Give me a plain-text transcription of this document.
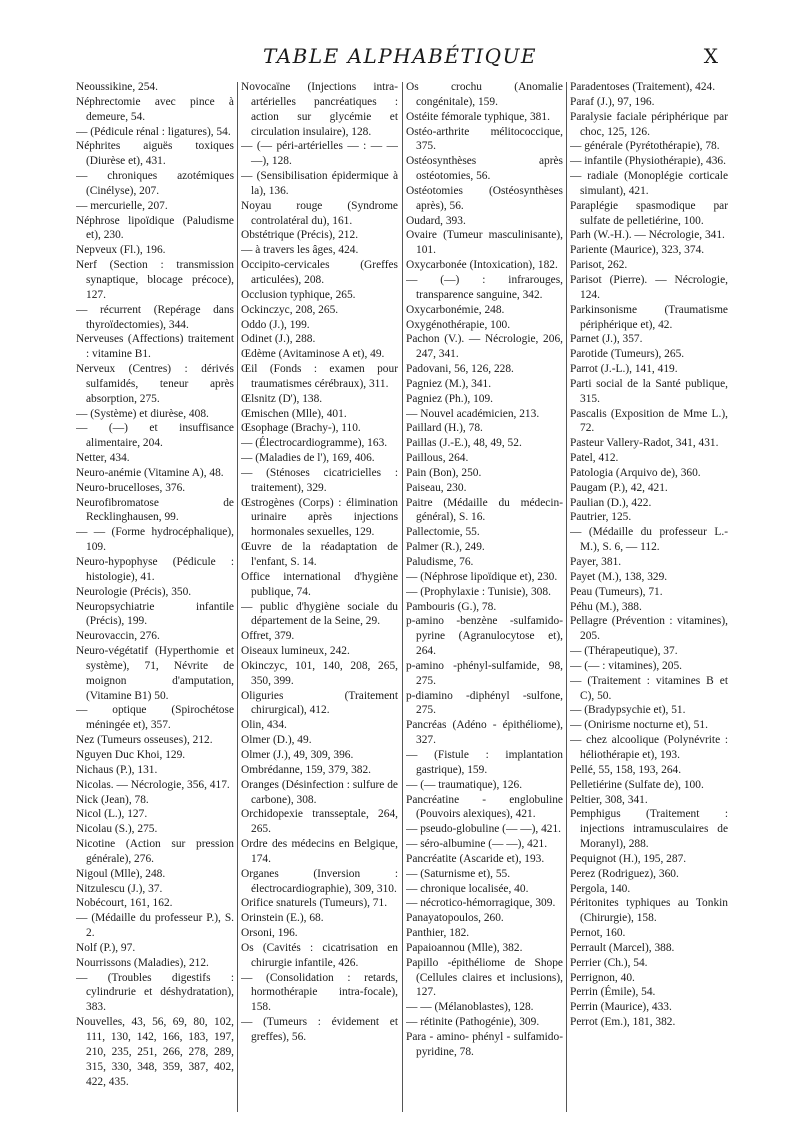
TABLE ALPHABÉTIQUE	X
Neoussikine, 254.
Néphrectomie avec pince à demeure, 54.
— (Pédicule rénal : ligatures), 54.
Néphrites aiguës toxiques (Diurèse et), 431.
— chroniques azotémiques (Cinélyse), 207.
— mercurielle, 207.
Néphrose lipoïdique (Paludisme et), 230.
Nepveux (Fl.), 196.
Nerf (Section : transmission synaptique, blocage précoce), 127.
— récurrent (Repérage dans thyroïdectomies), 344.
Nerveuses (Affections) traitement : vitamine B1.
Nerveux (Centres) : dérivés sulfamidés, teneur après absorption, 275.
— (Système) et diurèse, 408.
— (—) et insuffisance alimentaire, 204.
Netter, 434.
Neuro-anémie (Vitamine A), 48.
Neuro-brucelloses, 376.
Neurofibromatose de Recklinghausen, 99.
— — (Forme hydrocéphalique), 109.
Neuro-hypophyse (Pédicule : histologie), 41.
Neurologie (Précis), 350.
Neuropsychiatrie infantile (Précis), 199.
Neurovaccin, 276.
Neuro-végétatif (Hyperthomie et système), 71, Névrite de moignon d'amputation, (Vitamine B1) 50.
— optique (Spirochétose méningée et), 357.
Nez (Tumeurs osseuses), 212.
Nguyen Duc Khoi, 129.
Nichaus (P.), 131.
Nicolas. — Nécrologie, 356, 417.
Nick (Jean), 78.
Nicol (L.), 127.
Nicolau (S.), 275.
Nicotine (Action sur pression générale), 276.
Nigoul (Mlle), 248.
Nitzulescu (J.), 37.
Nobécourt, 161, 162.
— (Médaille du professeur P.), S. 2.
Nolf (P.), 97.
Nourrissons (Maladies), 212.
— (Troubles digestifs : cylindrurie et déshydratation), 383.
Nouvelles, 43, 56, 69, 80, 102, 111, 130, 142, 166, 183, 197, 210, 235, 251, 266, 278, 289, 315, 330, 348, 359, 387, 402, 422, 435.
Novocaïne (Injections intra-artérielles pancréatiques : action sur glycémie et circulation insulaire), 128.
— (— péri-artérielles — : — — —), 128.
— (Sensibilisation épidermique à la), 136.
Noyau rouge (Syndrome controlatéral du), 161.
Obstétrique (Précis), 212.
— à travers les âges, 424.
Occipito-cervicales (Greffes articulées), 208.
Occlusion typhique, 265.
Ockinczyc, 208, 265.
Oddo (J.), 199.
Odinet (J.), 288.
Œdème (Avitaminose A et), 49.
Œil (Fonds : examen pour traumatismes cérébraux), 311.
Œlsnitz (D'), 138.
Œmischen (Mlle), 401.
Œsophage (Brachy-), 110.
— (Électrocardiogramme), 163.
— (Maladies de l'), 169, 406.
— (Sténoses cicatricielles : traitement), 329.
Œstrogènes (Corps) : élimination urinaire après injections hormonales sexuelles, 129.
Œuvre de la réadaptation de l'enfant, S. 14.
Office international d'hygiène publique, 74.
— public d'hygiène sociale du département de la Seine, 29.
Offret, 379.
Oiseaux lumineux, 242.
Okinczyc, 101, 140, 208, 265, 350, 399.
Oliguries (Traitement chirurgical), 412.
Olin, 434.
Olmer (D.), 49.
Olmer (J.), 49, 309, 396.
Ombrédanne, 159, 379, 382.
Oranges (Désinfection : sulfure de carbone), 308.
Orchidopexie transseptale, 264, 265.
Ordre des médecins en Belgique, 174.
Organes (Inversion : électrocardiographie), 309, 310.
Orifice snaturels (Tumeurs), 71.
Orinstein (E.), 68.
Orsoni, 196.
Os (Cavités : cicatrisation en chirurgie infantile, 426.
— (Consolidation : retards, hormothérapie intra-focale), 158.
— (Tumeurs : évidement et greffes), 56.
Os crochu (Anomalie congénitale), 159.
Ostéite fémorale typhique, 381.
Ostéo-arthrite mélitococcique, 375.
Ostéosynthèses après ostéotomies, 56.
Ostéotomies (Ostéosynthèses après), 56.
Oudard, 393.
Ovaire (Tumeur masculinisante), 101.
Oxycarbonée (Intoxication), 182.
— (—) : infrarouges, transparence sanguine, 342.
Oxycarbonémie, 248.
Oxygénothérapie, 100.
Pachon (V.). — Nécrologie, 206, 247, 341.
Padovani, 56, 126, 228.
Pagniez (M.), 341.
Pagniez (Ph.), 109.
— Nouvel académicien, 213.
Paillard (H.), 78.
Paillas (J.-E.), 48, 49, 52.
Paillous, 264.
Pain (Bon), 250.
Paiseau, 230.
Paitre (Médaille du médecin-général), S. 16.
Pallectomie, 55.
Palmer (R.), 249.
Paludisme, 76.
— (Néphrose lipoïdique et), 230.
— (Prophylaxie : Tunisie), 308.
Pambouris (G.), 78.
p-amino -benzène -sulfamido-pyrine (Agranulocytose et), 264.
p-amino -phényl-sulfamide, 98, 275.
p-diamino -diphényl -sulfone, 275.
Pancréas (Adéno - épithéliome), 327.
— (Fistule : implantation gastrique), 159.
— (— traumatique), 126.
Pancréatine - englobuline (Pouvoirs alexiques), 421.
— pseudo-globuline (— —), 421.
— séro-albumine (— —), 421.
Pancréatite (Ascaride et), 193.
— (Saturnisme et), 55.
— chronique localisée, 40.
— nécrotico-hémorragique, 309.
Panayatopoulos, 260.
Panthier, 182.
Papaioannou (Mlle), 382.
Papillo -épithéliome de Shope (Cellules claires et inclusions), 127.
— — (Mélanoblastes), 128.
— rétinite (Pathogénie), 309.
Para - amino- phényl - sulfamido-pyridine, 78.
Paradentoses (Traitement), 424.
Paraf (J.), 97, 196.
Paralysie faciale périphérique par choc, 125, 126.
— générale (Pyrétothérapie), 78.
— infantile (Physiothérapie), 436.
— radiale (Monoplégie corticale simulant), 421.
Paraplégie spasmodique par sulfate de pelletiérine, 100.
Parh (W.-H.). — Nécrologie, 341.
Pariente (Maurice), 323, 374.
Parisot, 262.
Parisot (Pierre). — Nécrologie, 124.
Parkinsonisme (Traumatisme périphérique et), 42.
Parnet (J.), 357.
Parotide (Tumeurs), 265.
Parrot (J.-L.), 141, 419.
Parti social de la Santé publique, 315.
Pascalis (Exposition de Mme L.), 72.
Pasteur Vallery-Radot, 341, 431.
Patel, 412.
Patologia (Arquivo de), 360.
Paugam (P.), 42, 421.
Paulian (D.), 422.
Pautrier, 125.
— (Médaille du professeur L.-M.), S. 6, — 112.
Payer, 381.
Payet (M.), 138, 329.
Peau (Tumeurs), 71.
Péhu (M.), 388.
Pellagre (Prévention : vitamines), 205.
— (Thérapeutique), 37.
— (— : vitamines), 205.
— (Traitement : vitamines B et C), 50.
— (Bradypsychie et), 51.
— (Onirisme nocturne et), 51.
— chez alcoolique (Polynévrite : héliothérapie et), 193.
Pellé, 55, 158, 193, 264.
Pelletiérine (Sulfate de), 100.
Peltier, 308, 341.
Pemphigus (Traitement : injections intramusculaires de Moranyl), 288.
Pequignot (H.), 195, 287.
Perez (Rodriguez), 360.
Pergola, 140.
Péritonites typhiques au Tonkin (Chirurgie), 158.
Pernot, 160.
Perrault (Marcel), 388.
Perrier (Ch.), 54.
Perrignon, 40.
Perrin (Émile), 54.
Perrin (Maurice), 433.
Perrot (Em.), 181, 382.
